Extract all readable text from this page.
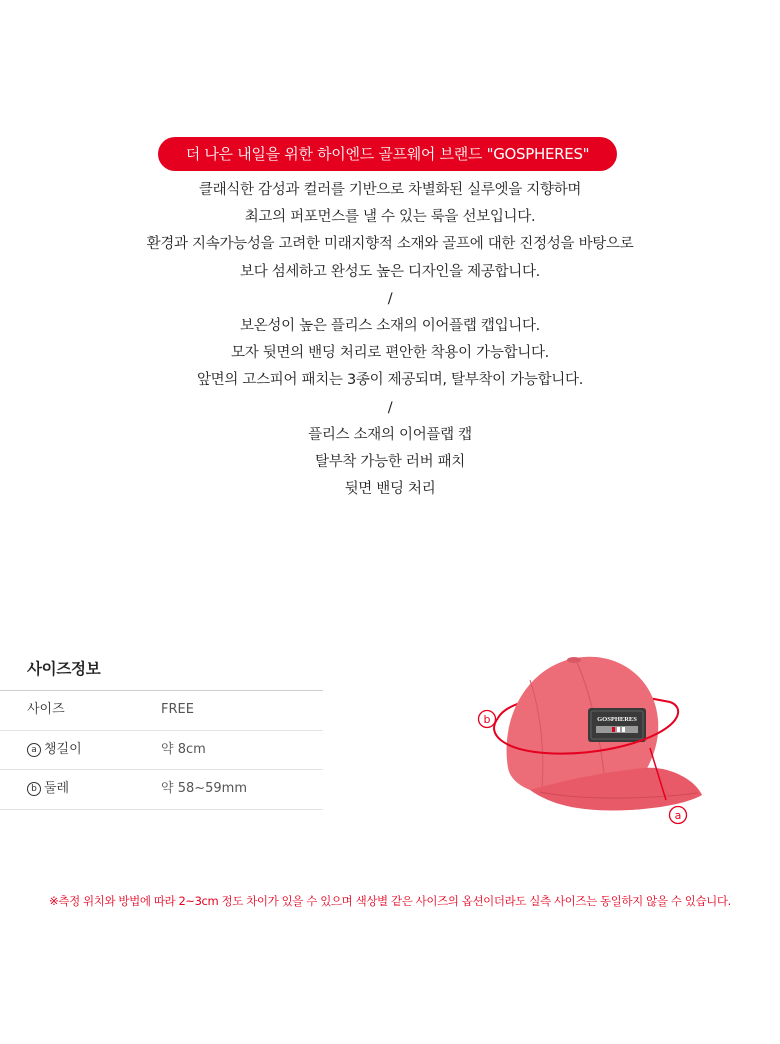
더 나은 내일을 위한 하이엔드 골프웨어 브랜드 "GOSPHERES"
클래식한 감성과 컬러를 기반으로 차별화된 실루엣을 지향하며
최고의 퍼포먼스를 낼 수 있는 룩을 선보입니다.
환경과 지속가능성을 고려한 미래지향적 소재와 골프에 대한 진정성을 바탕으로
보다 섬세하고 완성도 높은 디자인을 제공합니다.
/
보온성이 높은 플리스 소재의 이어플랩 캡입니다.
모자 뒷면의 밴딩 처리로 편안한 착용이 가능합니다.
앞면의 고스피어 패치는 3종이 제공되며, 탈부착이 가능합니다.
/
플리스 소재의 이어플랩 캡
탈부착 가능한 러버 패치
뒷면 밴딩 처리
사이즈정보
사이즈	FREE
a 챙길이	약 8cm
b 둘레	약 58~59mm
GOSPHERES
b
a
※측정 위치와 방법에 따라 2~3cm 정도 차이가 있을 수 있으며 색상별 같은 사이즈의 옵션이더라도 실측 사이즈는 동일하지 않을 수 있습니다.
